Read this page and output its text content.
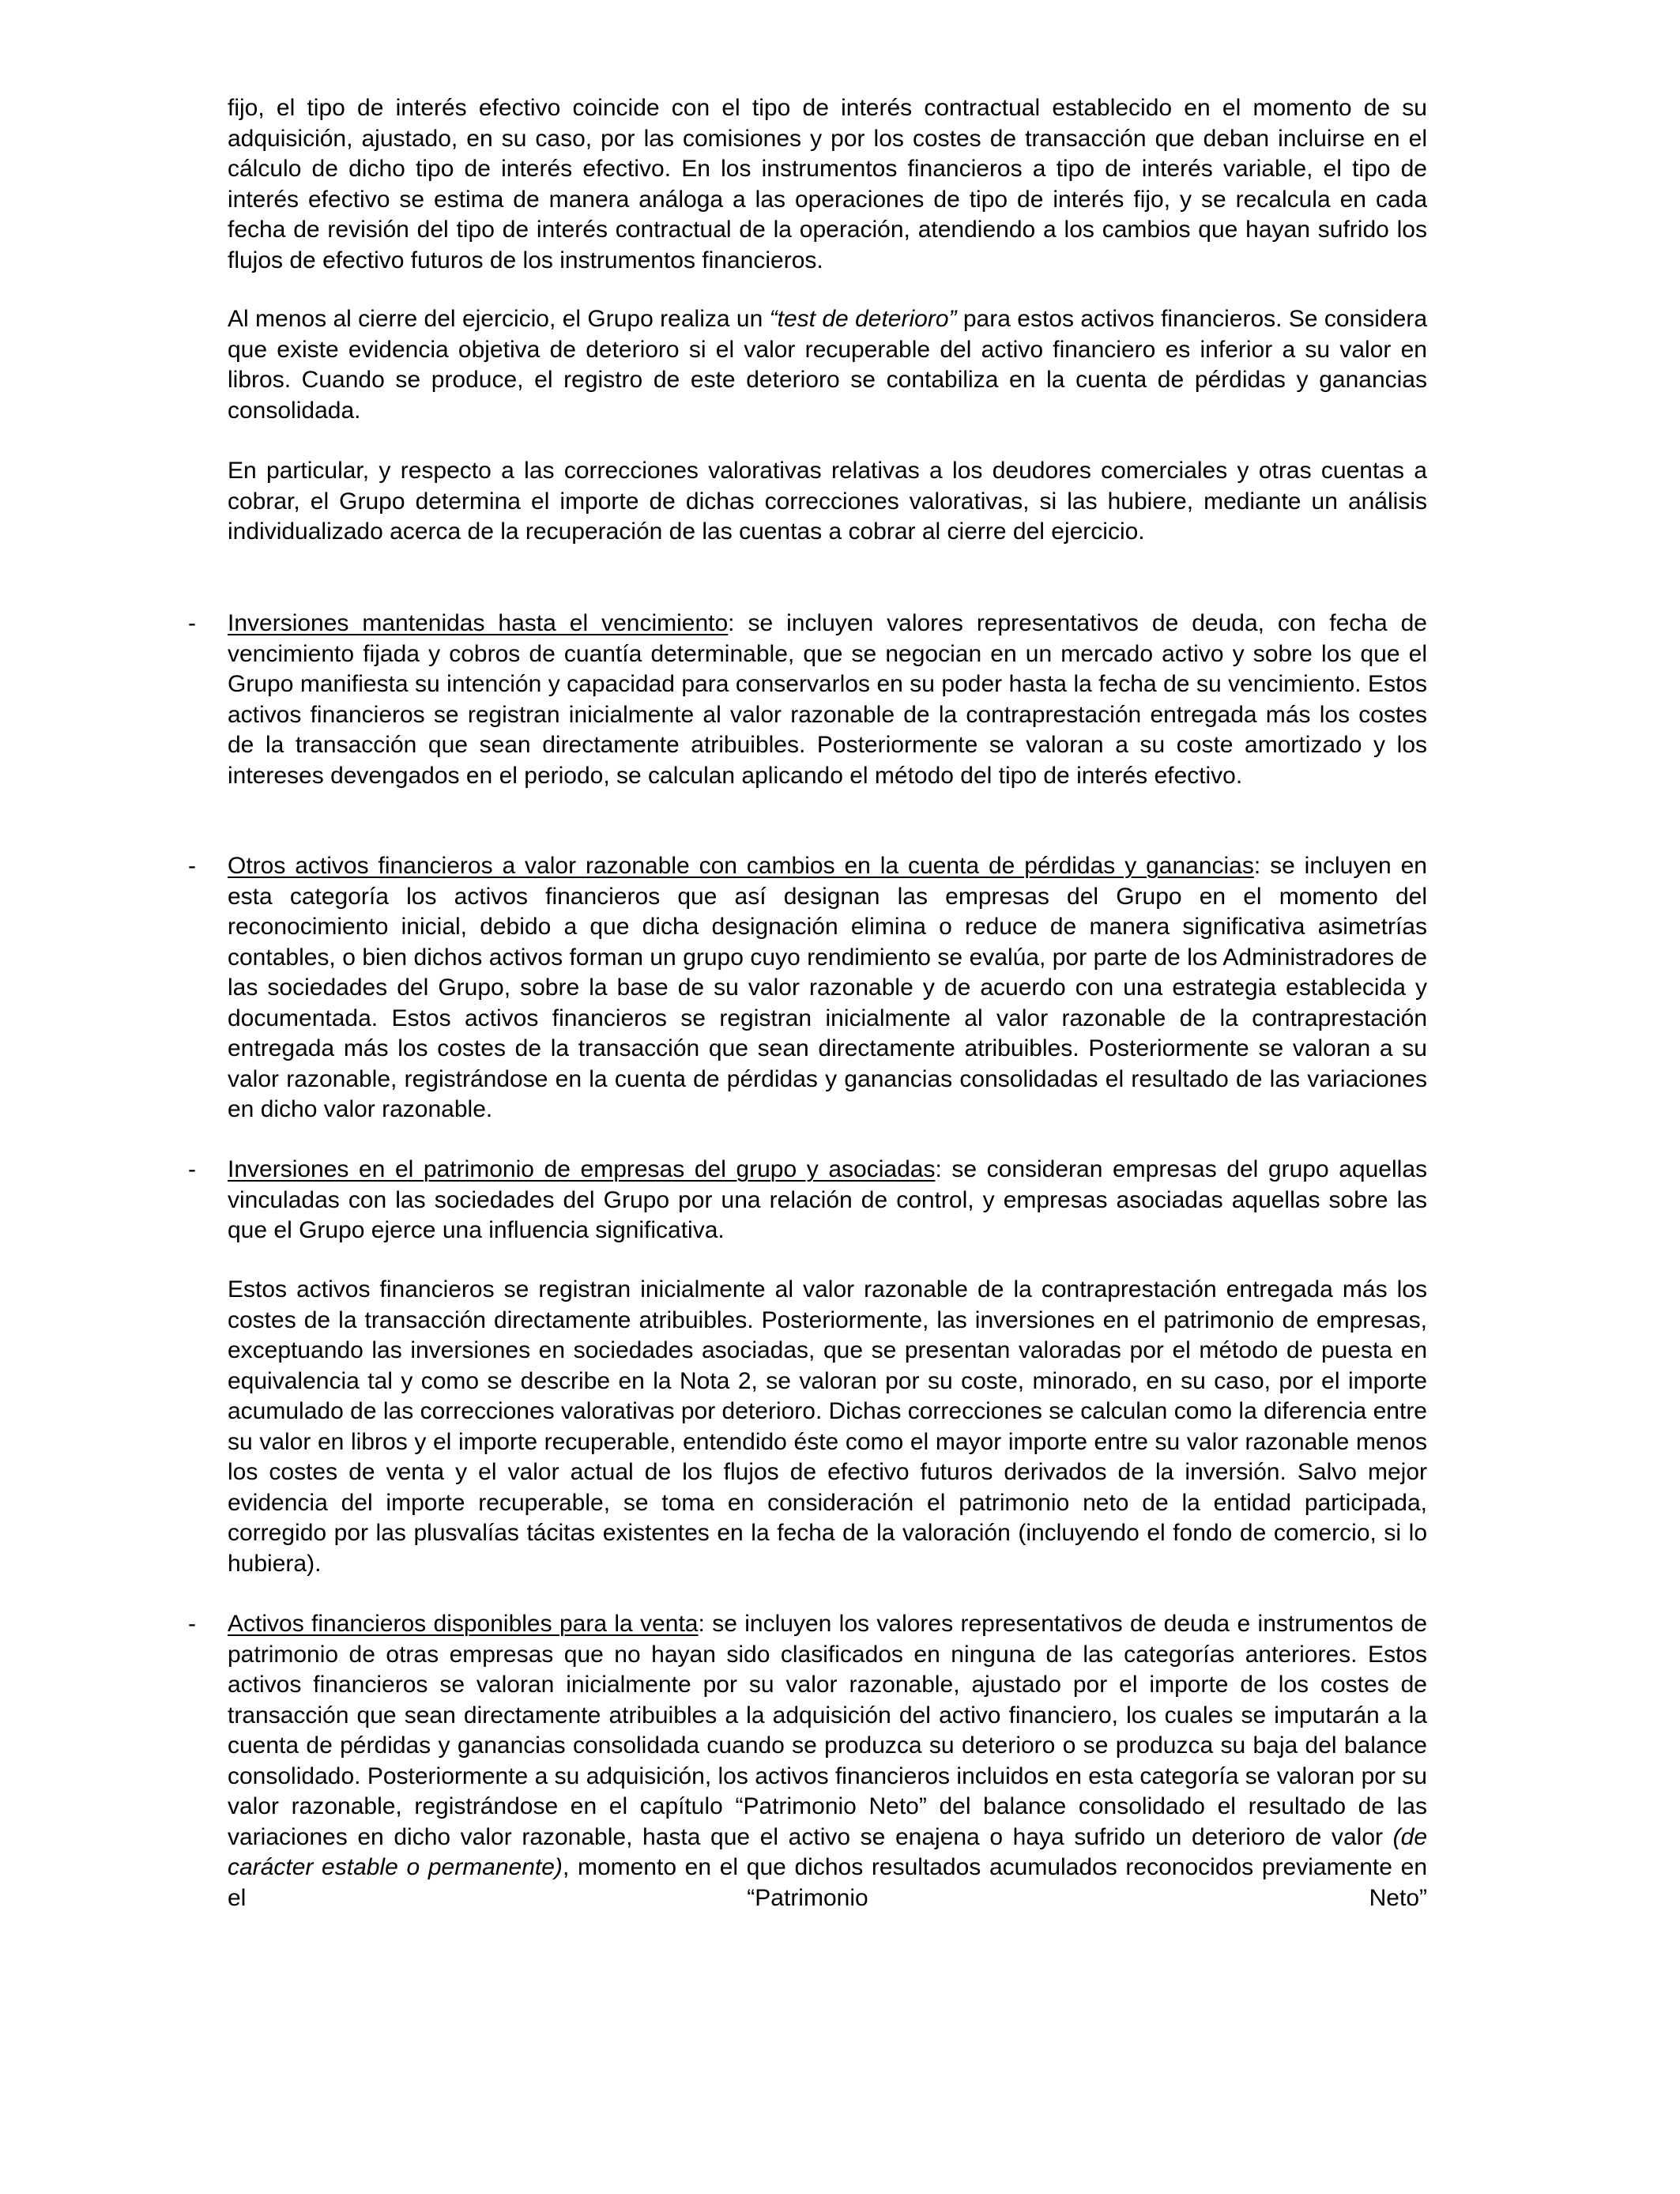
fijo, el tipo de interés efectivo coincide con el tipo de interés contractual establecido en el momento de su adquisición, ajustado, en su caso, por las comisiones y por los costes de transacción que deban incluirse en el cálculo de dicho tipo de interés efectivo. En los instrumentos financieros a tipo de interés variable, el tipo de interés efectivo se estima de manera análoga a las operaciones de tipo de interés fijo, y se recalcula en cada fecha de revisión del tipo de interés contractual de la operación, atendiendo a los cambios que hayan sufrido los flujos de efectivo futuros de los instrumentos financieros.

Al menos al cierre del ejercicio, el Grupo realiza un “test de deterioro” para estos activos financieros. Se considera que existe evidencia objetiva de deterioro si el valor recuperable del activo financiero es inferior a su valor en libros. Cuando se produce, el registro de este deterioro se contabiliza en la cuenta de pérdidas y ganancias consolidada.

En particular, y respecto a las correcciones valorativas relativas a los deudores comerciales y otras cuentas a cobrar, el Grupo determina el importe de dichas correcciones valorativas, si las hubiere, mediante un análisis individualizado acerca de la recuperación de las cuentas a cobrar al cierre del ejercicio.

- Inversiones mantenidas hasta el vencimiento: se incluyen valores representativos de deuda, con fecha de vencimiento fijada y cobros de cuantía determinable, que se negocian en un mercado activo y sobre los que el Grupo manifiesta su intención y capacidad para conservarlos en su poder hasta la fecha de su vencimiento. Estos activos financieros se registran inicialmente al valor razonable de la contraprestación entregada más los costes de la transacción que sean directamente atribuibles. Posteriormente se valoran a su coste amortizado y los intereses devengados en el periodo, se calculan aplicando el método del tipo de interés efectivo.

- Otros activos financieros a valor razonable con cambios en la cuenta de pérdidas y ganancias: se incluyen en esta categoría los activos financieros que así designan las empresas del Grupo en el momento del reconocimiento inicial, debido a que dicha designación elimina o reduce de manera significativa asimetrías contables, o bien dichos activos forman un grupo cuyo rendimiento se evalúa, por parte de los Administradores de las sociedades del Grupo, sobre la base de su valor razonable y de acuerdo con una estrategia establecida y documentada. Estos activos financieros se registran inicialmente al valor razonable de la contraprestación entregada más los costes de la transacción que sean directamente atribuibles. Posteriormente se valoran a su valor razonable, registrándose en la cuenta de pérdidas y ganancias consolidadas el resultado de las variaciones en dicho valor razonable.

- Inversiones en el patrimonio de empresas del grupo y asociadas: se consideran empresas del grupo aquellas vinculadas con las sociedades del Grupo por una relación de control, y empresas asociadas aquellas sobre las que el Grupo ejerce una influencia significativa.

Estos activos financieros se registran inicialmente al valor razonable de la contraprestación entregada más los costes de la transacción directamente atribuibles. Posteriormente, las inversiones en el patrimonio de empresas, exceptuando las inversiones en sociedades asociadas, que se presentan valoradas por el método de puesta en equivalencia tal y como se describe en la Nota 2, se valoran por su coste, minorado, en su caso, por el importe acumulado de las correcciones valorativas por deterioro. Dichas correcciones se calculan como la diferencia entre su valor en libros y el importe recuperable, entendido éste como el mayor importe entre su valor razonable menos los costes de venta y el valor actual de los flujos de efectivo futuros derivados de la inversión. Salvo mejor evidencia del importe recuperable, se toma en consideración el patrimonio neto de la entidad participada, corregido por las plusvalías tácitas existentes en la fecha de la valoración (incluyendo el fondo de comercio, si lo hubiera).

- Activos financieros disponibles para la venta: se incluyen los valores representativos de deuda e instrumentos de patrimonio de otras empresas que no hayan sido clasificados en ninguna de las categorías anteriores. Estos activos financieros se valoran inicialmente por su valor razonable, ajustado por el importe de los costes de transacción que sean directamente atribuibles a la adquisición del activo financiero, los cuales se imputarán a la cuenta de pérdidas y ganancias consolidada cuando se produzca su deterioro o se produzca su baja del balance consolidado. Posteriormente a su adquisición, los activos financieros incluidos en esta categoría se valoran por su valor razonable, registrándose en el capítulo “Patrimonio Neto” del balance consolidado el resultado de las variaciones en dicho valor razonable, hasta que el activo se enajena o haya sufrido un deterioro de valor (de carácter estable o permanente), momento en el que dichos resultados acumulados reconocidos previamente en el “Patrimonio Neto”
